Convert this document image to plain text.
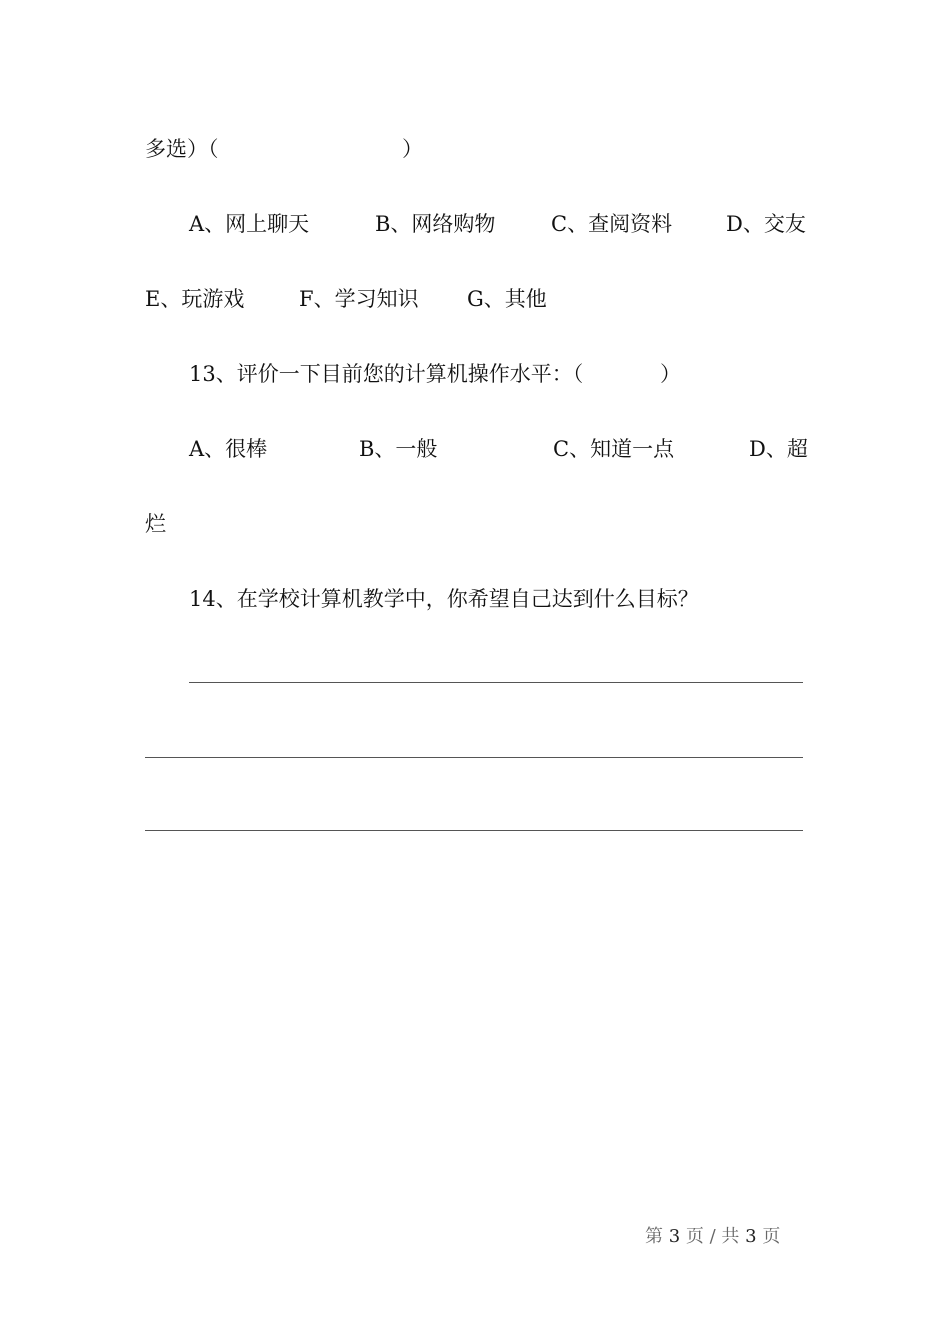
多选）（	）
A、网上聊天	B、网络购物	C、查阅资料	D、交友
E、玩游戏	F、学习知识 G、其他
13、评价一下目前您的计算机操作水平：（	）
A、很棒	B、一般	C、知道一点	D、超
烂
14、在学校计算机教学中，你希望自己达到什么目标？
第 3 页 / 共 3 页
